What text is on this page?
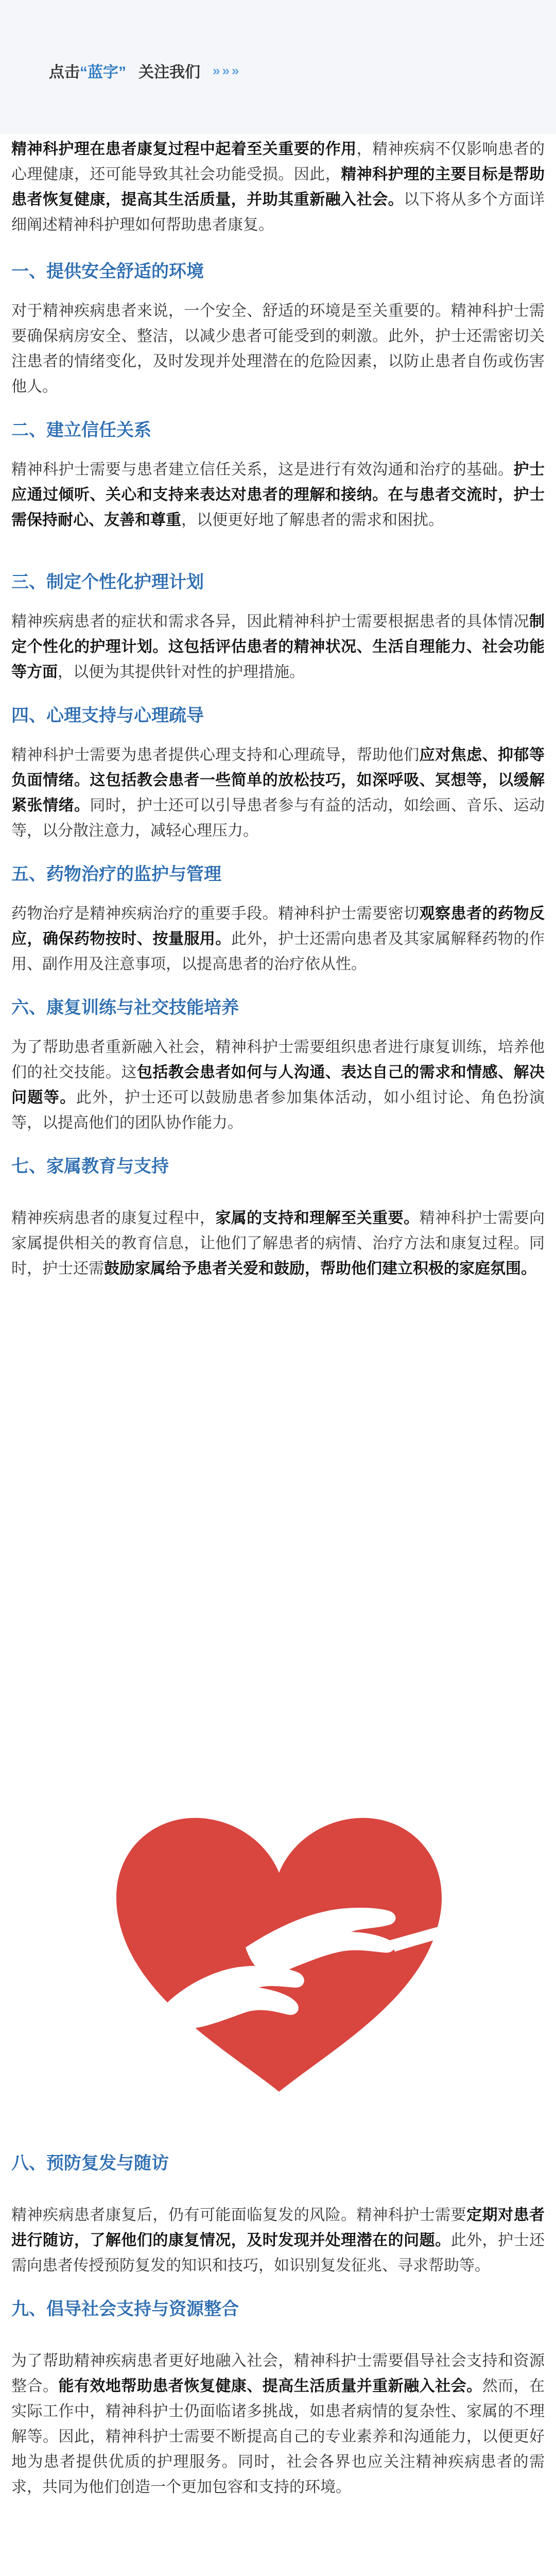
点击“蓝字” 关注我们 »»»

精神科护理在患者康复过程中起着至关重要的作用，精神疾病不仅影响患者的心理健康，还可能导致其社会功能受损。因此，精神科护理的主要目标是帮助患者恢复健康，提高其生活质量，并助其重新融入社会。以下将从多个方面详细阐述精神科护理如何帮助患者康复。

一、提供安全舒适的环境

对于精神疾病患者来说，一个安全、舒适的环境是至关重要的。精神科护士需要确保病房安全、整洁，以减少患者可能受到的刺激。此外，护士还需密切关注患者的情绪变化，及时发现并处理潜在的危险因素，以防止患者自伤或伤害他人。

二、建立信任关系

精神科护士需要与患者建立信任关系，这是进行有效沟通和治疗的基础。护士应通过倾听、关心和支持来表达对患者的理解和接纳。在与患者交流时，护士需保持耐心、友善和尊重，以便更好地了解患者的需求和困扰。

三、制定个性化护理计划

精神疾病患者的症状和需求各异，因此精神科护士需要根据患者的具体情况制定个性化的护理计划。这包括评估患者的精神状况、生活自理能力、社会功能等方面，以便为其提供针对性的护理措施。

四、心理支持与心理疏导

精神科护士需要为患者提供心理支持和心理疏导，帮助他们应对焦虑、抑郁等负面情绪。这包括教会患者一些简单的放松技巧，如深呼吸、冥想等，以缓解紧张情绪。同时，护士还可以引导患者参与有益的活动，如绘画、音乐、运动等，以分散注意力，减轻心理压力。

五、药物治疗的监护与管理

药物治疗是精神疾病治疗的重要手段。精神科护士需要密切观察患者的药物反应，确保药物按时、按量服用。此外，护士还需向患者及其家属解释药物的作用、副作用及注意事项，以提高患者的治疗依从性。

六、康复训练与社交技能培养

为了帮助患者重新融入社会，精神科护士需要组织患者进行康复训练，培养他们的社交技能。这包括教会患者如何与人沟通、表达自己的需求和情感、解决问题等。此外，护士还可以鼓励患者参加集体活动，如小组讨论、角色扮演等，以提高他们的团队协作能力。

七、家属教育与支持

精神疾病患者的康复过程中，家属的支持和理解至关重要。精神科护士需要向家属提供相关的教育信息，让他们了解患者的病情、治疗方法和康复过程。同时，护士还需鼓励家属给予患者关爱和鼓励，帮助他们建立积极的家庭氛围。

八、预防复发与随访

精神疾病患者康复后，仍有可能面临复发的风险。精神科护士需要定期对患者进行随访，了解他们的康复情况，及时发现并处理潜在的问题。此外，护士还需向患者传授预防复发的知识和技巧，如识别复发征兆、寻求帮助等。

九、倡导社会支持与资源整合

为了帮助精神疾病患者更好地融入社会，精神科护士需要倡导社会支持和资源整合。能有效地帮助患者恢复健康、提高生活质量并重新融入社会。然而，在实际工作中，精神科护士仍面临诸多挑战，如患者病情的复杂性、家属的不理解等。因此，精神科护士需要不断提高自己的专业素养和沟通能力，以便更好地为患者提供优质的护理服务。同时，社会各界也应关注精神疾病患者的需求，共同为他们创造一个更加包容和支持的环境。
